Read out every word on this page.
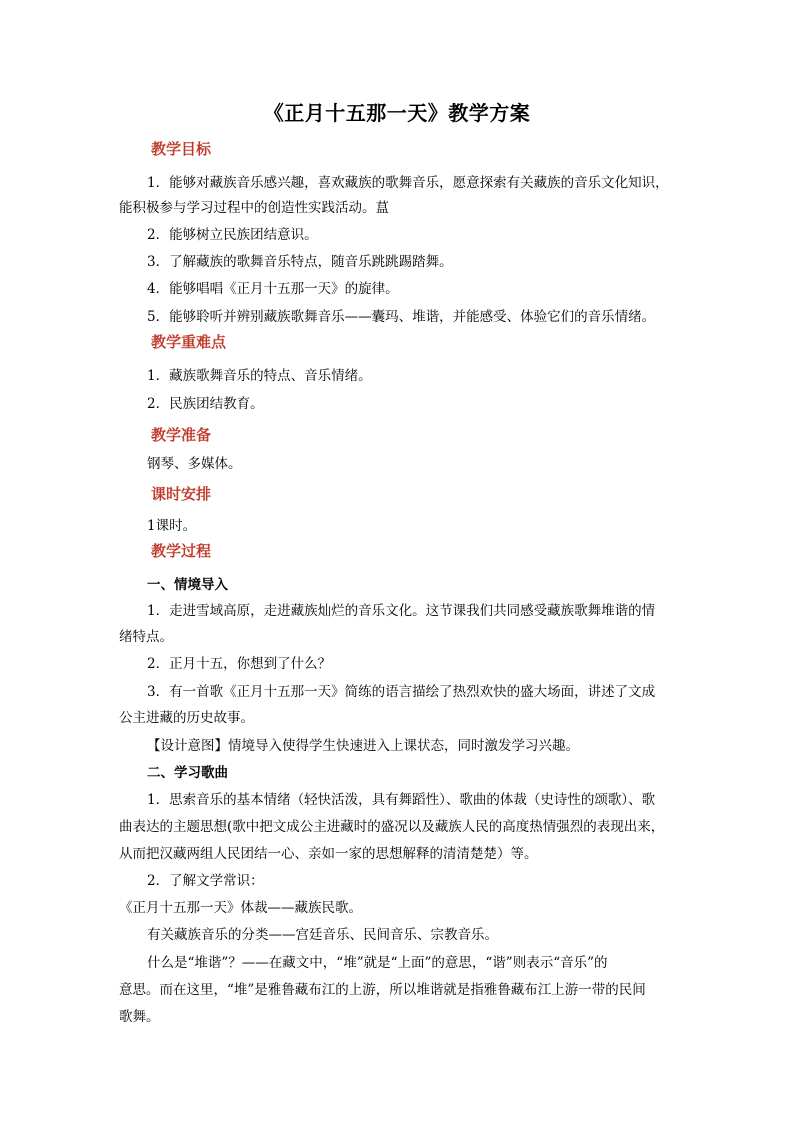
《正月十五那一天》教学方案
教学目标
1．能够对藏族音乐感兴趣，喜欢藏族的歌舞音乐，愿意探索有关藏族的音乐文化知识，
能积极参与学习过程中的创造性实践活动。蒀
2．能够树立民族团结意识。
3．了解藏族的歌舞音乐特点，随音乐跳跳踢踏舞。
4．能够唱唱《正月十五那一天》的旋律。
5．能够聆听并辨别藏族歌舞音乐——囊玛、堆谐，并能感受、体验它们的音乐情绪。
教学重难点
1．藏族歌舞音乐的特点、音乐情绪。
2．民族团结教育。
教学准备
钢琴、多媒体。
课时安排
1课时。
教学过程
一、情境导入
1．走进雪域高原，走进藏族灿烂的音乐文化。这节课我们共同感受藏族歌舞堆谐的情
绪特点。
2．正月十五，你想到了什么？
3．有一首歌《正月十五那一天》简练的语言描绘了热烈欢快的盛大场面，讲述了文成
公主进藏的历史故事。
【设计意图】情境导入使得学生快速进入上课状态，同时激发学习兴趣。
二、学习歌曲
1．思索音乐的基本情绪（轻快活泼，具有舞蹈性）、歌曲的体裁（史诗性的颂歌）、歌
曲表达的主题思想(歌中把文成公主进藏时的盛况以及藏族人民的高度热情强烈的表现出来，
从而把汉藏两组人民团结一心、亲如一家的思想解释的清清楚楚）等。
2．了解文学常识：
《正月十五那一天》体裁——藏族民歌。
有关藏族音乐的分类——宫廷音乐、民间音乐、宗教音乐。
什么是“堆谐”？——在藏文中，“堆”就是“上面”的意思，“谐”则表示“音乐”的
意思。而在这里，“堆”是雅鲁藏布江的上游，所以堆谐就是指雅鲁藏布江上游一带的民间
歌舞。
